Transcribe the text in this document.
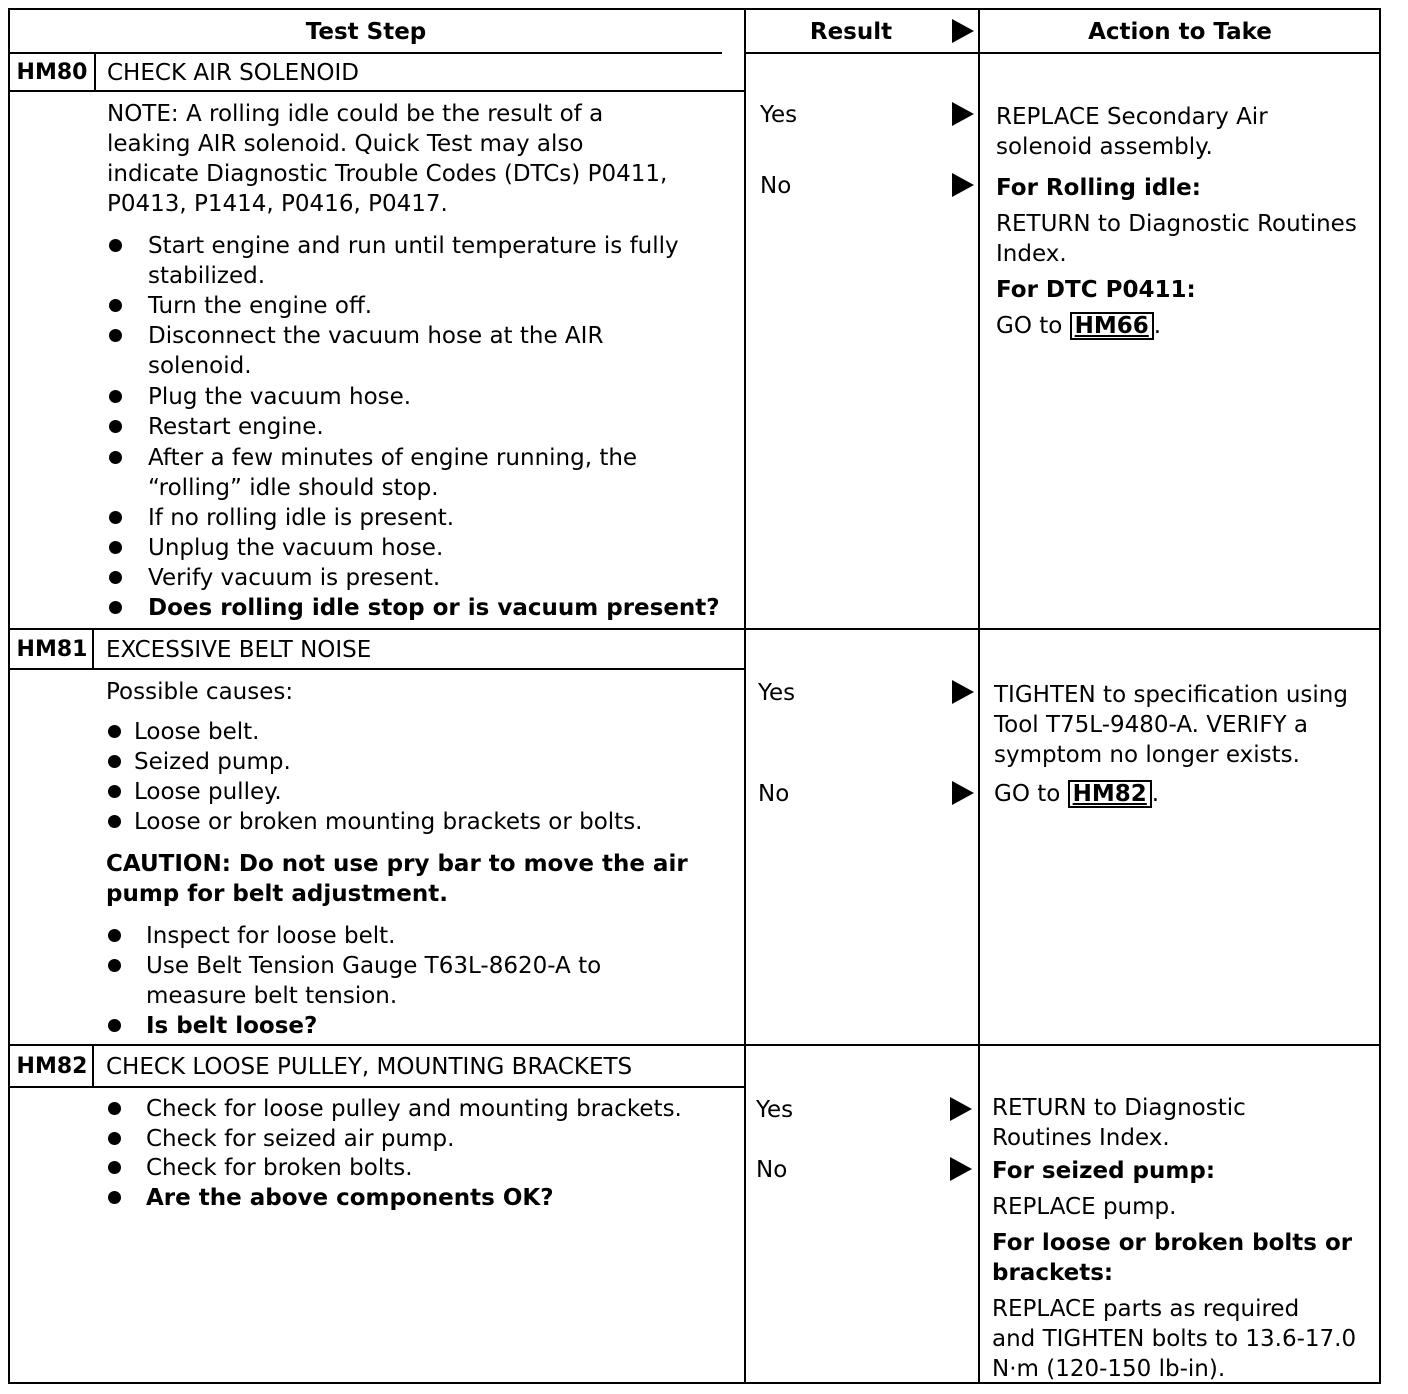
Test Step	Result	Action to Take
HM80 CHECK AIR SOLENOID
NOTE: A rolling idle could be the result of a
leaking AIR solenoid. Quick Test may also
indicate Diagnostic Trouble Codes (DTCs) P0411,
P0413, P1414, P0416, P0417.
Start engine and run until temperature is fully
stabilized.
Turn the engine off.
Disconnect the vacuum hose at the AIR
solenoid.
Plug the vacuum hose.
Restart engine.
After a few minutes of engine running, the
“rolling” idle should stop.
If no rolling idle is present.
Unplug the vacuum hose.
Verify vacuum is present.
Does rolling idle stop or is vacuum present?
Yes
No
REPLACE Secondary Air
solenoid assembly.
For Rolling idle:
RETURN to Diagnostic Routines
Index.
For DTC P0411:
GO to HM66 .
HM81 EXCESSIVE BELT NOISE
Possible causes:
Loose belt.
Seized pump.
Loose pulley.
Loose or broken mounting brackets or bolts.
CAUTION: Do not use pry bar to move the air
pump for belt adjustment.
Inspect for loose belt.
Use Belt Tension Gauge T63L-8620-A to
measure belt tension.
Is belt loose?
Yes
No
TIGHTEN to specification using
Tool T75L-9480-A. VERIFY a
symptom no longer exists.
GO to HM82 .
HM82 CHECK LOOSE PULLEY, MOUNTING BRACKETS
Check for loose pulley and mounting brackets.
Check for seized air pump.
Check for broken bolts.
Are the above components OK?
Yes
No
RETURN to Diagnostic
Routines Index.
For seized pump:
REPLACE pump.
For loose or broken bolts or
brackets:
REPLACE parts as required
and TIGHTEN bolts to 13.6-17.0
N·m (120-150 lb-in).
